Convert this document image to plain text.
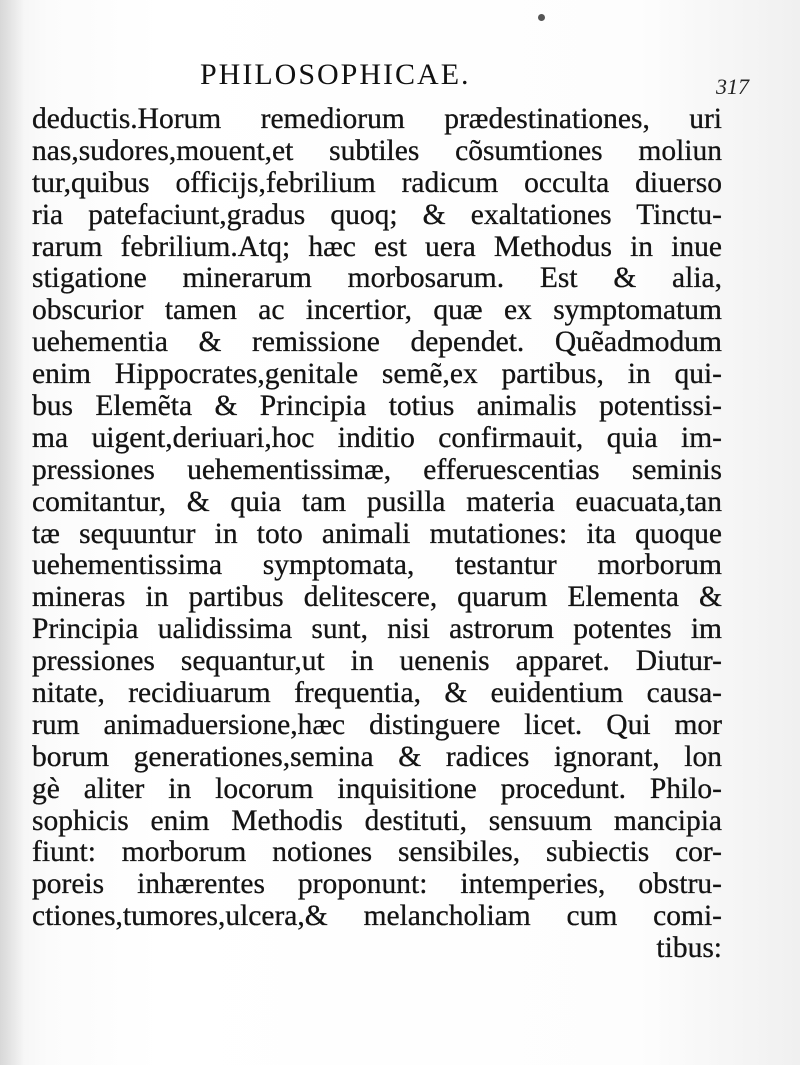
PHILOSOPHICAE.	317
deductis.Horum remediorum prædestinationes, uri
nas,sudores,mouent,et subtiles cõsumtiones moliun
tur,quibus officijs,febrilium radicum occulta diuerso
ria patefaciunt,gradus quoq; & exaltationes Tinctu-
rarum febrilium.Atq; hæc est uera Methodus in inue
stigatione minerarum morbosarum. Est & alia,
obscurior tamen ac incertior, quæ ex symptomatum
uehementia & remissione dependet. Quẽadmodum
enim Hippocrates,genitale semẽ,ex partibus, in qui-
bus Elemẽta & Principia totius animalis potentissi-
ma uigent,deriuari,hoc inditio confirmauit, quia im-
pressiones uehementissimæ, efferuescentias seminis
comitantur, & quia tam pusilla materia euacuata,tan
tæ sequuntur in toto animali mutationes: ita quoque
uehementissima symptomata, testantur morborum
mineras in partibus delitescere, quarum Elementa &
Principia ualidissima sunt, nisi astrorum potentes im
pressiones sequantur,ut in uenenis apparet. Diutur-
nitate, recidiuarum frequentia, & euidentium causa-
rum animaduersione,hæc distinguere licet. Qui mor
borum generationes,semina & radices ignorant, lon
gè aliter in locorum inquisitione procedunt. Philo-
sophicis enim Methodis destituti, sensuum mancipia
fiunt: morborum notiones sensibiles, subiectis cor-
poreis inhærentes proponunt: intemperies, obstru-
ctiones,tumores,ulcera,& melancholiam cum comi-
tibus:
